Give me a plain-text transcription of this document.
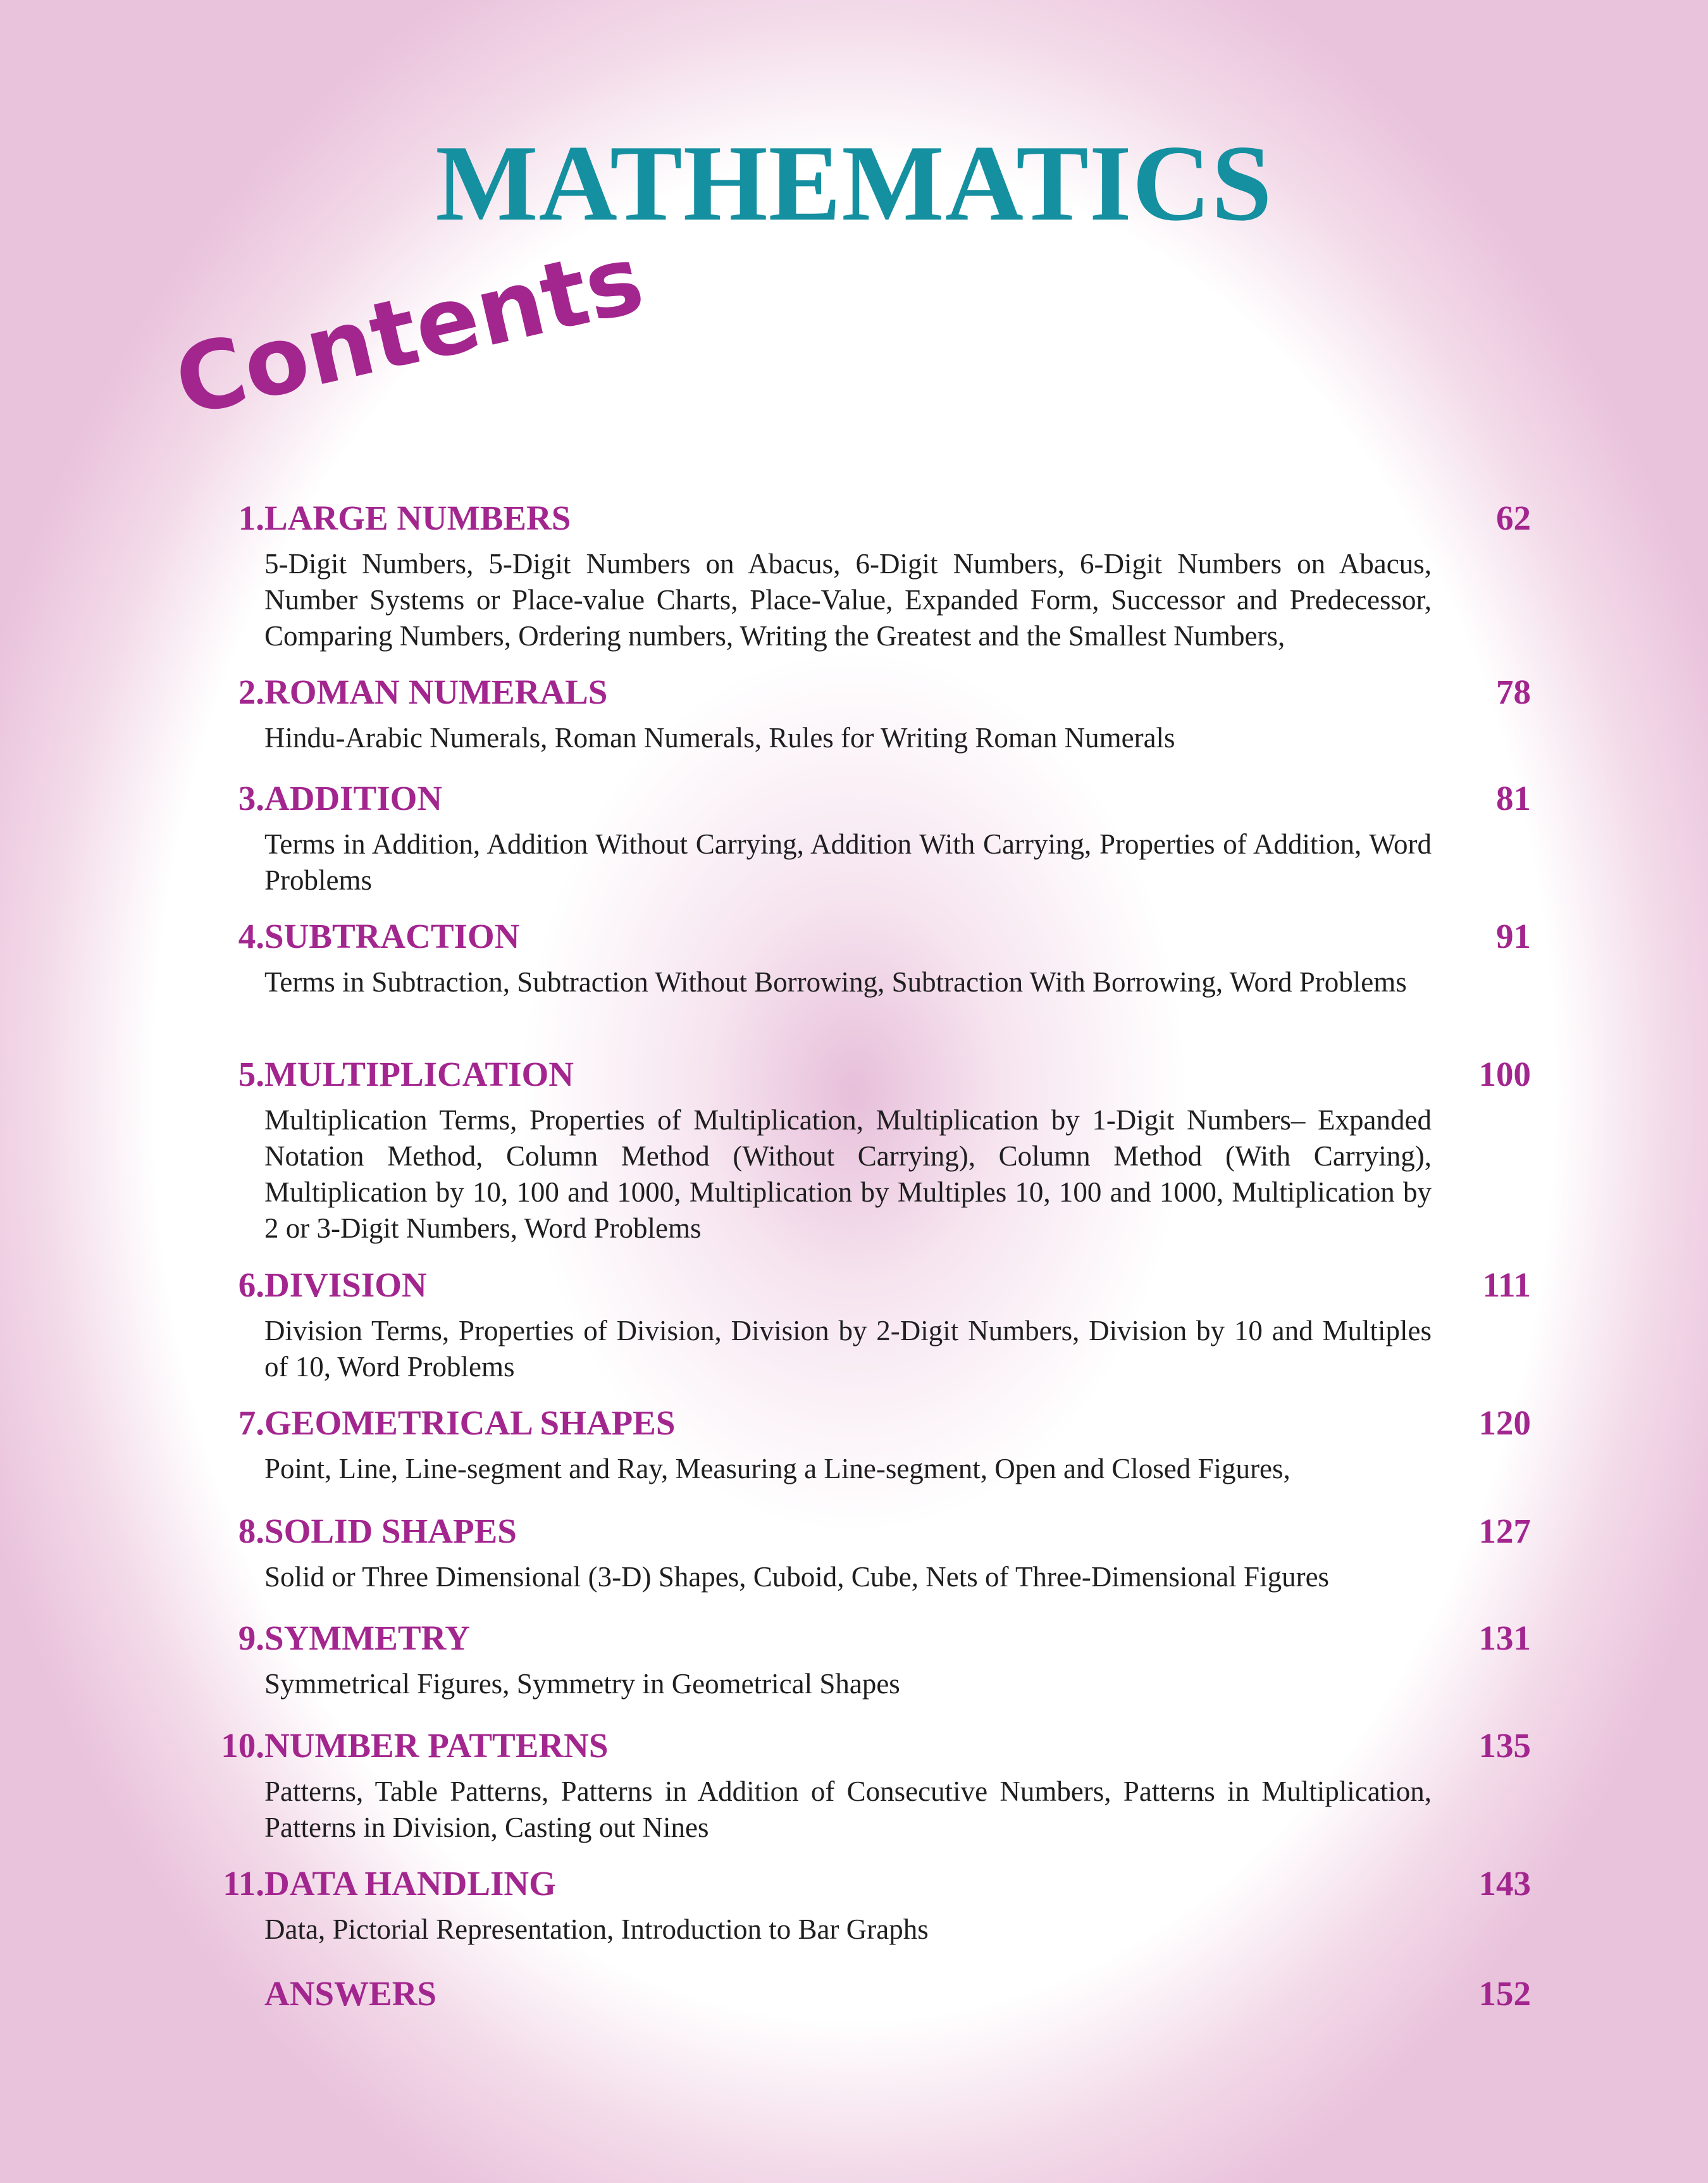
MATHEMATICS
Contents
1. LARGE NUMBERS	62

5-Digit Numbers, 5-Digit Numbers on Abacus, 6-Digit Numbers, 6-Digit Numbers on Abacus, Number Systems or Place-value Charts, Place-Value, Expanded Form, Successor and Predecessor, Comparing Numbers, Ordering numbers, Writing the Greatest and the Smallest Numbers,

2. ROMAN NUMERALS	78

Hindu-Arabic Numerals, Roman Numerals, Rules for Writing Roman Numerals

3. ADDITION	81

Terms in Addition, Addition Without Carrying, Addition With Carrying, Properties of Addition, Word Problems

4. SUBTRACTION	91

Terms in Subtraction, Subtraction Without Borrowing, Subtraction With Borrowing, Word Problems

5. MULTIPLICATION	100

Multiplication Terms, Properties of Multiplication, Multiplication by 1-Digit Numbers– Expanded Notation Method, Column Method (Without Carrying), Column Method (With Carrying), Multiplication by 10, 100 and 1000, Multiplication by Multiples 10, 100 and 1000, Multiplication by 2 or 3-Digit Numbers, Word Problems

6. DIVISION	111

Division Terms, Properties of Division, Division by 2-Digit Numbers, Division by 10 and Multiples of 10, Word Problems

7. GEOMETRICAL SHAPES	120

Point, Line, Line-segment and Ray, Measuring a Line-segment, Open and Closed Figures,

8. SOLID SHAPES	127

Solid or Three Dimensional (3-D) Shapes, Cuboid, Cube, Nets of Three-Dimensional Figures

9. SYMMETRY	131

Symmetrical Figures, Symmetry in Geometrical Shapes

10. NUMBER PATTERNS	135

Patterns, Table Patterns, Patterns in Addition of Consecutive Numbers, Patterns in Multiplication, Patterns in Division, Casting out Nines

11. DATA HANDLING	143

Data, Pictorial Representation, Introduction to Bar Graphs

ANSWERS	152
